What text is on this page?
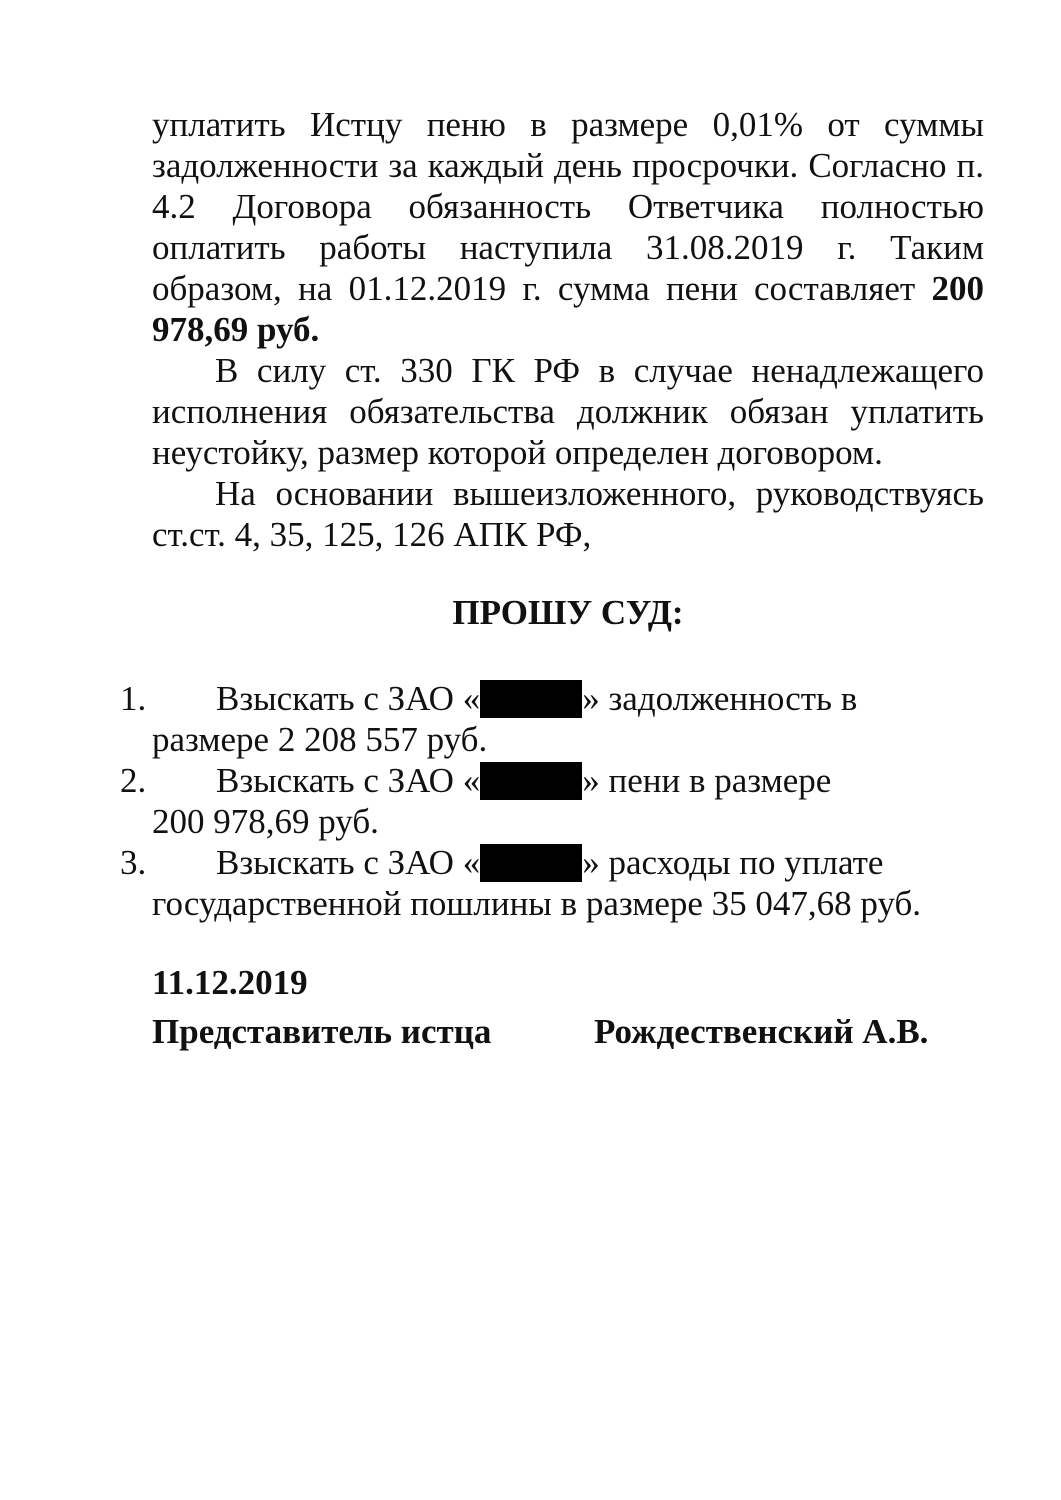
уплатить Истцу пеню в размере 0,01% от суммы задолженности за каждый день просрочки. Согласно п. 4.2 Договора обязанность Ответчика полностью оплатить работы наступила 31.08.2019 г. Таким образом, на 01.12.2019 г. сумма пени составляет 200 978,69 руб.

В силу ст. 330 ГК РФ в случае ненадлежащего исполнения обязательства должник обязан уплатить неустойку, размер которой определен договором.

На основании вышеизложенного, руководствуясь ст.ст. 4, 35, 125, 126 АПК РФ,

ПРОШУ СУД:
1. Взыскать с ЗАО «	» задолженность в
размере 2 208 557 руб.
2. Взыскать с ЗАО «	» пени в размере
200 978,69 руб.
3. Взыскать с ЗАО «	» расходы по уплате
государственной пошлины в размере 35 047,68 руб.
11.12.2019
Представитель истца	Рождественский А.В.
